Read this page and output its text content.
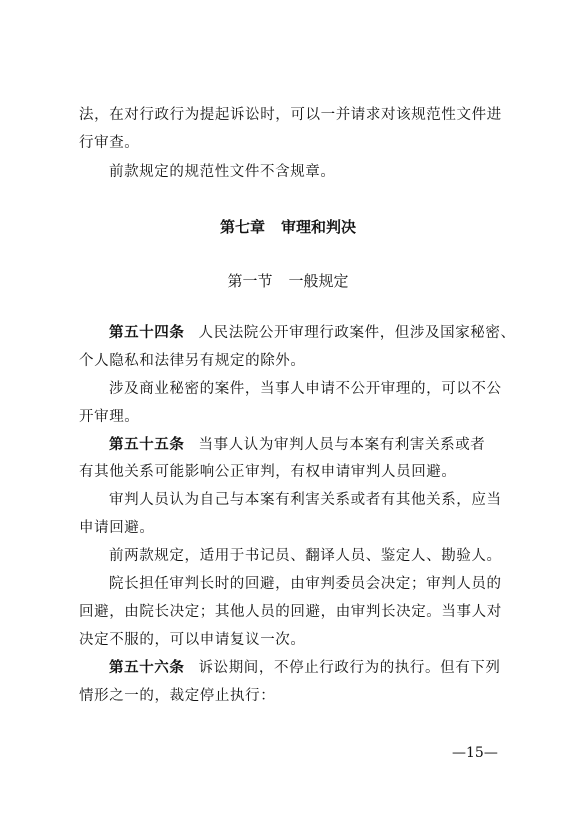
法，在对行政行为提起诉讼时，可以一并请求对该规范性文件进
行审查。
前款规定的规范性文件不含规章。
第七章 审理和判决
第一节 一般规定
第五十四条 人民法院公开审理行政案件，但涉及国家秘密、
个人隐私和法律另有规定的除外。
涉及商业秘密的案件，当事人申请不公开审理的，可以不公
开审理。
第五十五条 当事人认为审判人员与本案有利害关系或者
有其他关系可能影响公正审判，有权申请审判人员回避。
审判人员认为自己与本案有利害关系或者有其他关系，应当
申请回避。
前两款规定，适用于书记员、翻译人员、鉴定人、勘验人。
院长担任审判长时的回避，由审判委员会决定；审判人员的
回避，由院长决定；其他人员的回避，由审判长决定。当事人对
决定不服的，可以申请复议一次。
第五十六条 诉讼期间，不停止行政行为的执行。但有下列
情形之一的，裁定停止执行：
—15—
